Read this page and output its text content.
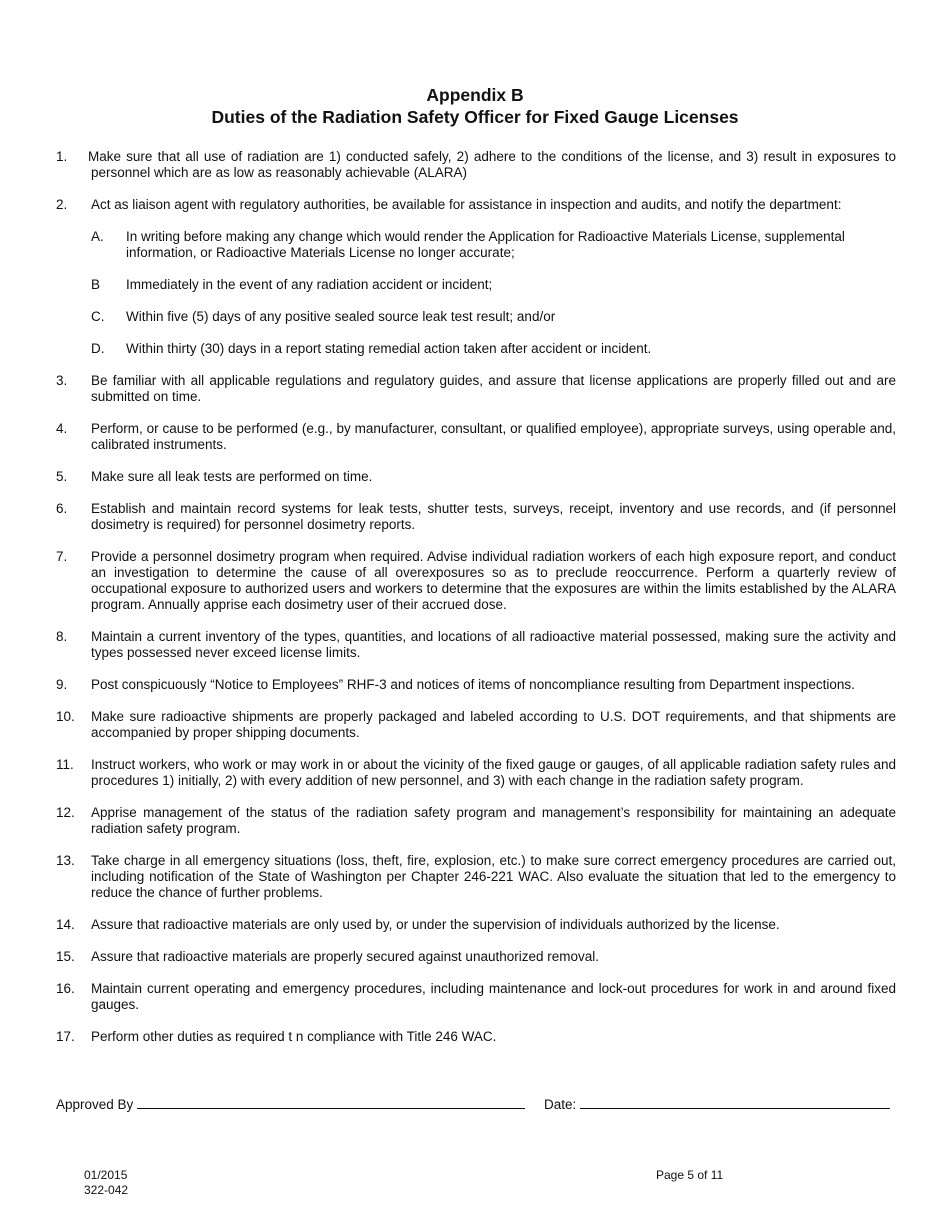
Appendix B
Duties of the Radiation Safety Officer for Fixed Gauge Licenses
1. Make sure that all use of radiation are 1) conducted safely, 2) adhere to the conditions of the license, and 3) result in exposures to personnel which are as low as reasonably achievable (ALARA)
2. Act as liaison agent with regulatory authorities, be available for assistance in inspection and audits, and notify the department:
A. In writing before making any change which would render the Application for Radioactive Materials License, supplemental information, or Radioactive Materials License no longer accurate;
B Immediately in the event of any radiation accident or incident;
C. Within five (5) days of any positive sealed source leak test result; and/or
D. Within thirty (30) days in a report stating remedial action taken after accident or incident.
3. Be familiar with all applicable regulations and regulatory guides, and assure that license applications are properly filled out and are submitted on time.
4. Perform, or cause to be performed (e.g., by manufacturer, consultant, or qualified employee), appropriate surveys, using operable and, calibrated instruments.
5. Make sure all leak tests are performed on time.
6. Establish and maintain record systems for leak tests, shutter tests, surveys, receipt, inventory and use records, and (if personnel dosimetry is required) for personnel dosimetry reports.
7. Provide a personnel dosimetry program when required. Advise individual radiation workers of each high exposure report, and conduct an investigation to determine the cause of all overexposures so as to preclude reoccurrence. Perform a quarterly review of occupational exposure to authorized users and workers to determine that the exposures are within the limits established by the ALARA program. Annually apprise each dosimetry user of their accrued dose.
8. Maintain a current inventory of the types, quantities, and locations of all radioactive material possessed, making sure the activity and types possessed never exceed license limits.
9. Post conspicuously “Notice to Employees” RHF-3 and notices of items of noncompliance resulting from Department inspections.
10. Make sure radioactive shipments are properly packaged and labeled according to U.S. DOT requirements, and that shipments are accompanied by proper shipping documents.
11. Instruct workers, who work or may work in or about the vicinity of the fixed gauge or gauges, of all applicable radiation safety rules and procedures 1) initially, 2) with every addition of new personnel, and 3) with each change in the radiation safety program.
12. Apprise management of the status of the radiation safety program and management’s responsibility for maintaining an adequate radiation safety program.
13. Take charge in all emergency situations (loss, theft, fire, explosion, etc.) to make sure correct emergency procedures are carried out, including notification of the State of Washington per Chapter 246-221 WAC. Also evaluate the situation that led to the emergency to reduce the chance of further problems.
14. Assure that radioactive materials are only used by, or under the supervision of individuals authorized by the license.
15. Assure that radioactive materials are properly secured against unauthorized removal.
16. Maintain current operating and emergency procedures, including maintenance and lock-out procedures for work in and around fixed gauges.
17. Perform other duties as required t n compliance with Title 246 WAC.
Approved By	Date:
01/2015
322-042
Page 5 of 11
